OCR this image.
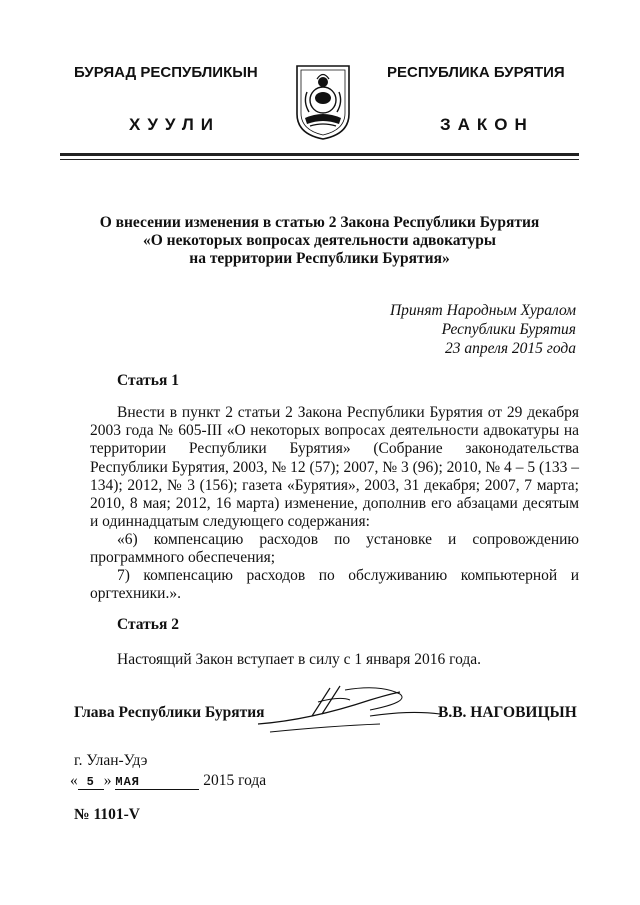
БУРЯАД РЕСПУБЛИКЫН
ХУУЛИ
РЕСПУБЛИКА БУРЯТИЯ
ЗАКОН
О внесении изменения в статью 2 Закона Республики Бурятия
«О некоторых вопросах деятельности адвокатуры
на территории Республики Бурятия»
Принят Народным Хуралом
Республики Бурятия
23 апреля 2015 года
Статья 1
Внести в пункт 2 статьи 2 Закона Республики Бурятия от 29 декабря 2003 года № 605-III «О некоторых вопросах деятельности адвокатуры на территории Республики Бурятия» (Собрание законодательства Республики Бурятия, 2003, № 12 (57); 2007, № 3 (96); 2010, № 4 – 5 (133 – 134); 2012, № 3 (156); газета «Бурятия», 2003, 31 декабря; 2007, 7 марта; 2010, 8 мая; 2012, 16 марта) изменение, дополнив его абзацами десятым и одиннадцатым следующего содержания:
«6) компенсацию расходов по установке и сопровождению программного обеспечения;
7) компенсацию расходов по обслуживанию компьютерной и оргтехники.».
Статья 2
Настоящий Закон вступает в силу с 1 января 2016 года.
Глава Республики Бурятия	В.В. НАГОВИЦЫН
г. Улан-Удэ
« 5 » МАЯ	2015 года
№ 1101-V
